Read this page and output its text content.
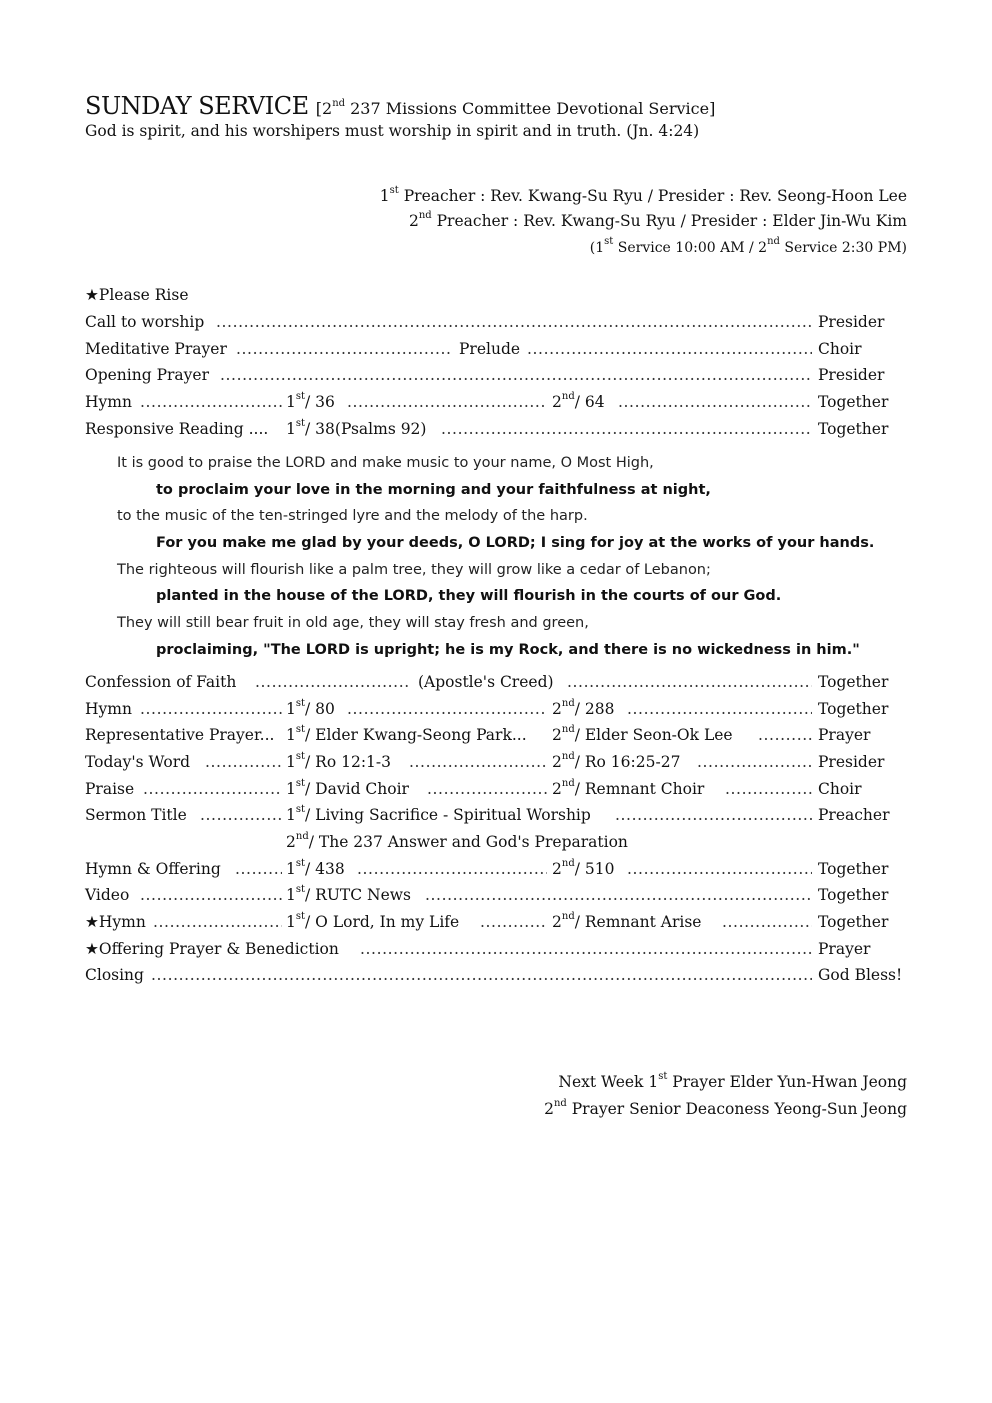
SUNDAY SERVICE [2nd 237 Missions Committee Devotional Service]
God is spirit, and his worshipers must worship in spirit and in truth. (Jn. 4:24)
1st Preacher : Rev. Kwang-Su Ryu / Presider : Rev. Seong-Hoon Lee
2nd Preacher : Rev. Kwang-Su Ryu / Presider : Elder Jin-Wu Kim
(1st Service 10:00 AM / 2nd Service 2:30 PM)
★Please Rise
Call to worship .....	Presider
Meditative Prayer .....	Prelude .....	Choir
Opening Prayer .....	Presider
Hymn .....	1st/ 36 .....	2nd/ 64 .....	Together
Responsive Reading .... 1st/ 38(Psalms 92) .....	Together
It is good to praise the LORD and make music to your name, O Most High,
to proclaim your love in the morning and your faithfulness at night,
to the music of the ten-stringed lyre and the melody of the harp.
For you make me glad by your deeds, O LORD; I sing for joy at the works of your hands.
The righteous will flourish like a palm tree, they will grow like a cedar of Lebanon;
planted in the house of the LORD, they will flourish in the courts of our God.
They will still bear fruit in old age, they will stay fresh and green,
proclaiming, "The LORD is upright; he is my Rock, and there is no wickedness in him."
Confession of Faith .....	(Apostle's Creed) .....	Together
Hymn .....	1st/ 80 .....	2nd/ 288 .....	Together
Representative Prayer... 1st/ Elder Kwang-Seong Park... 2nd/ Elder Seon-Ok Lee .....	Prayer
Today's Word .....	1st/ Ro 12:1-3 .....	2nd/ Ro 16:25-27 .....	Presider
Praise .....	1st/ David Choir .....	2nd/ Remnant Choir .....	Choir
Sermon Title .....	1st/ Living Sacrifice - Spiritual Worship .....	Preacher
2nd/ The 237 Answer and God's Preparation
Hymn & Offering .....	1st/ 438 .....	2nd/ 510 .....	Together
Video .....	1st/ RUTC News .....	Together
★Hymn .....	1st/ O Lord, In my Life .....	2nd/ Remnant Arise .....	Together
★Offering Prayer & Benediction .....	Prayer
Closing .....	God Bless!
Next Week 1st Prayer Elder Yun-Hwan Jeong
2nd Prayer Senior Deaconess Yeong-Sun Jeong
